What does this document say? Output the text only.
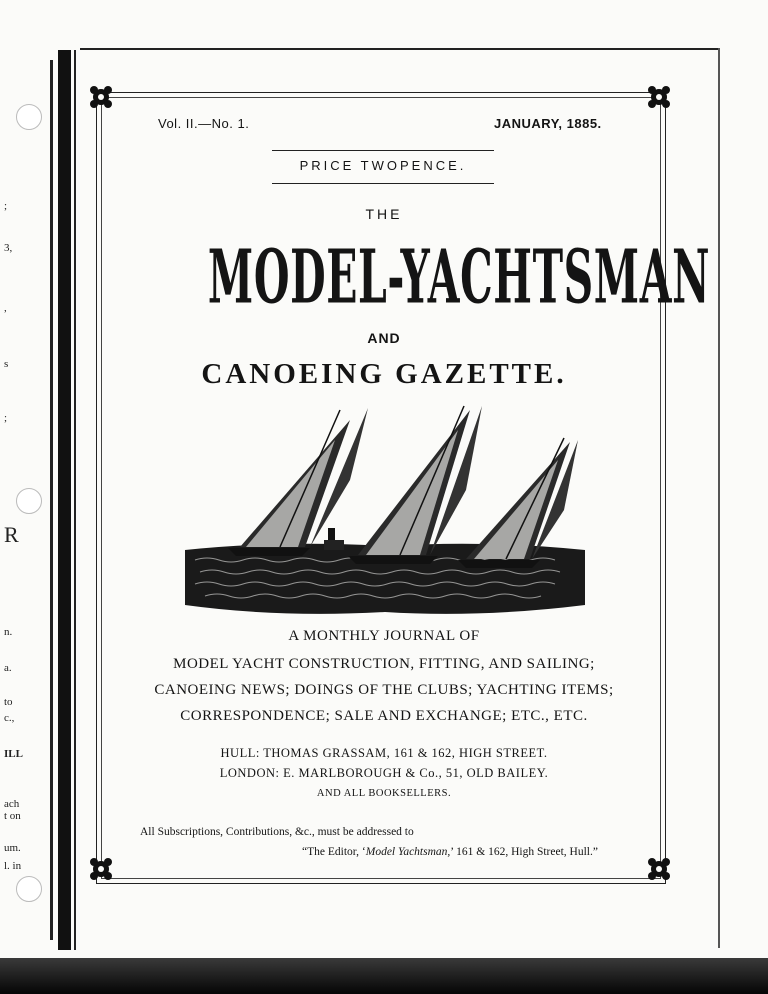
;
3,
,
s
;
R
n.
a.
to
c.,
ILL
ach
t on
um.
l. in
Vol. II.—No. 1.	JANUARY, 1885.
PRICE TWOPENCE.
THE
MODEL-YACHTSMAN
AND
CANOEING GAZETTE.
A MONTHLY JOURNAL OF
MODEL YACHT CONSTRUCTION, FITTING, AND SAILING;
CANOEING NEWS; DOINGS OF THE CLUBS; YACHTING ITEMS;
CORRESPONDENCE; SALE AND EXCHANGE; ETC., ETC.
HULL: THOMAS GRASSAM, 161 & 162, HIGH STREET.
LONDON: E. MARLBOROUGH & Co., 51, OLD BAILEY.
AND ALL BOOKSELLERS.
All Subscriptions, Contributions, &c., must be addressed to
“The Editor, ‘Model Yachtsman,’ 161 & 162, High Street, Hull.”
